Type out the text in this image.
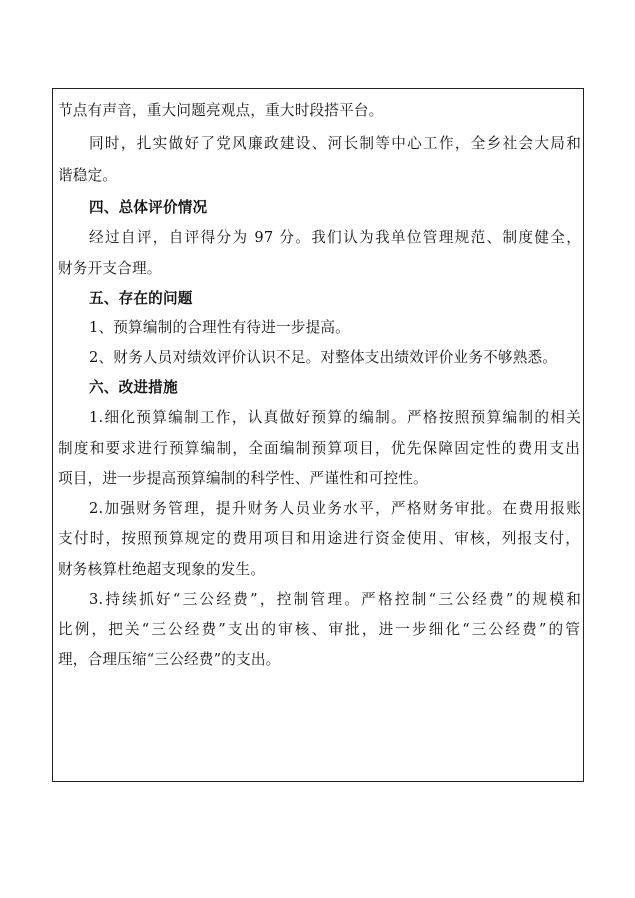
节点有声音，重大问题亮观点，重大时段搭平台。
同时，扎实做好了党风廉政建设、河长制等中心工作，全乡社会大局和
谐稳定。
四、总体评价情况
经过自评，自评得分为 97 分。我们认为我单位管理规范、制度健全，
财务开支合理。
五、存在的问题
1、预算编制的合理性有待进一步提高。
2、财务人员对绩效评价认识不足。对整体支出绩效评价业务不够熟悉。
六、改进措施
1.细化预算编制工作，认真做好预算的编制。严格按照预算编制的相关
制度和要求进行预算编制，全面编制预算项目，优先保障固定性的费用支出
项目，进一步提高预算编制的科学性、严谨性和可控性。
2.加强财务管理，提升财务人员业务水平，严格财务审批。在费用报账
支付时，按照预算规定的费用项目和用途进行资金使用、审核，列报支付，
财务核算杜绝超支现象的发生。
3.持续抓好“三公经费”，控制管理。严格控制“三公经费”的规模和
比例，把关“三公经费”支出的审核、审批，进一步细化“三公经费”的管
理，合理压缩“三公经费”的支出。
